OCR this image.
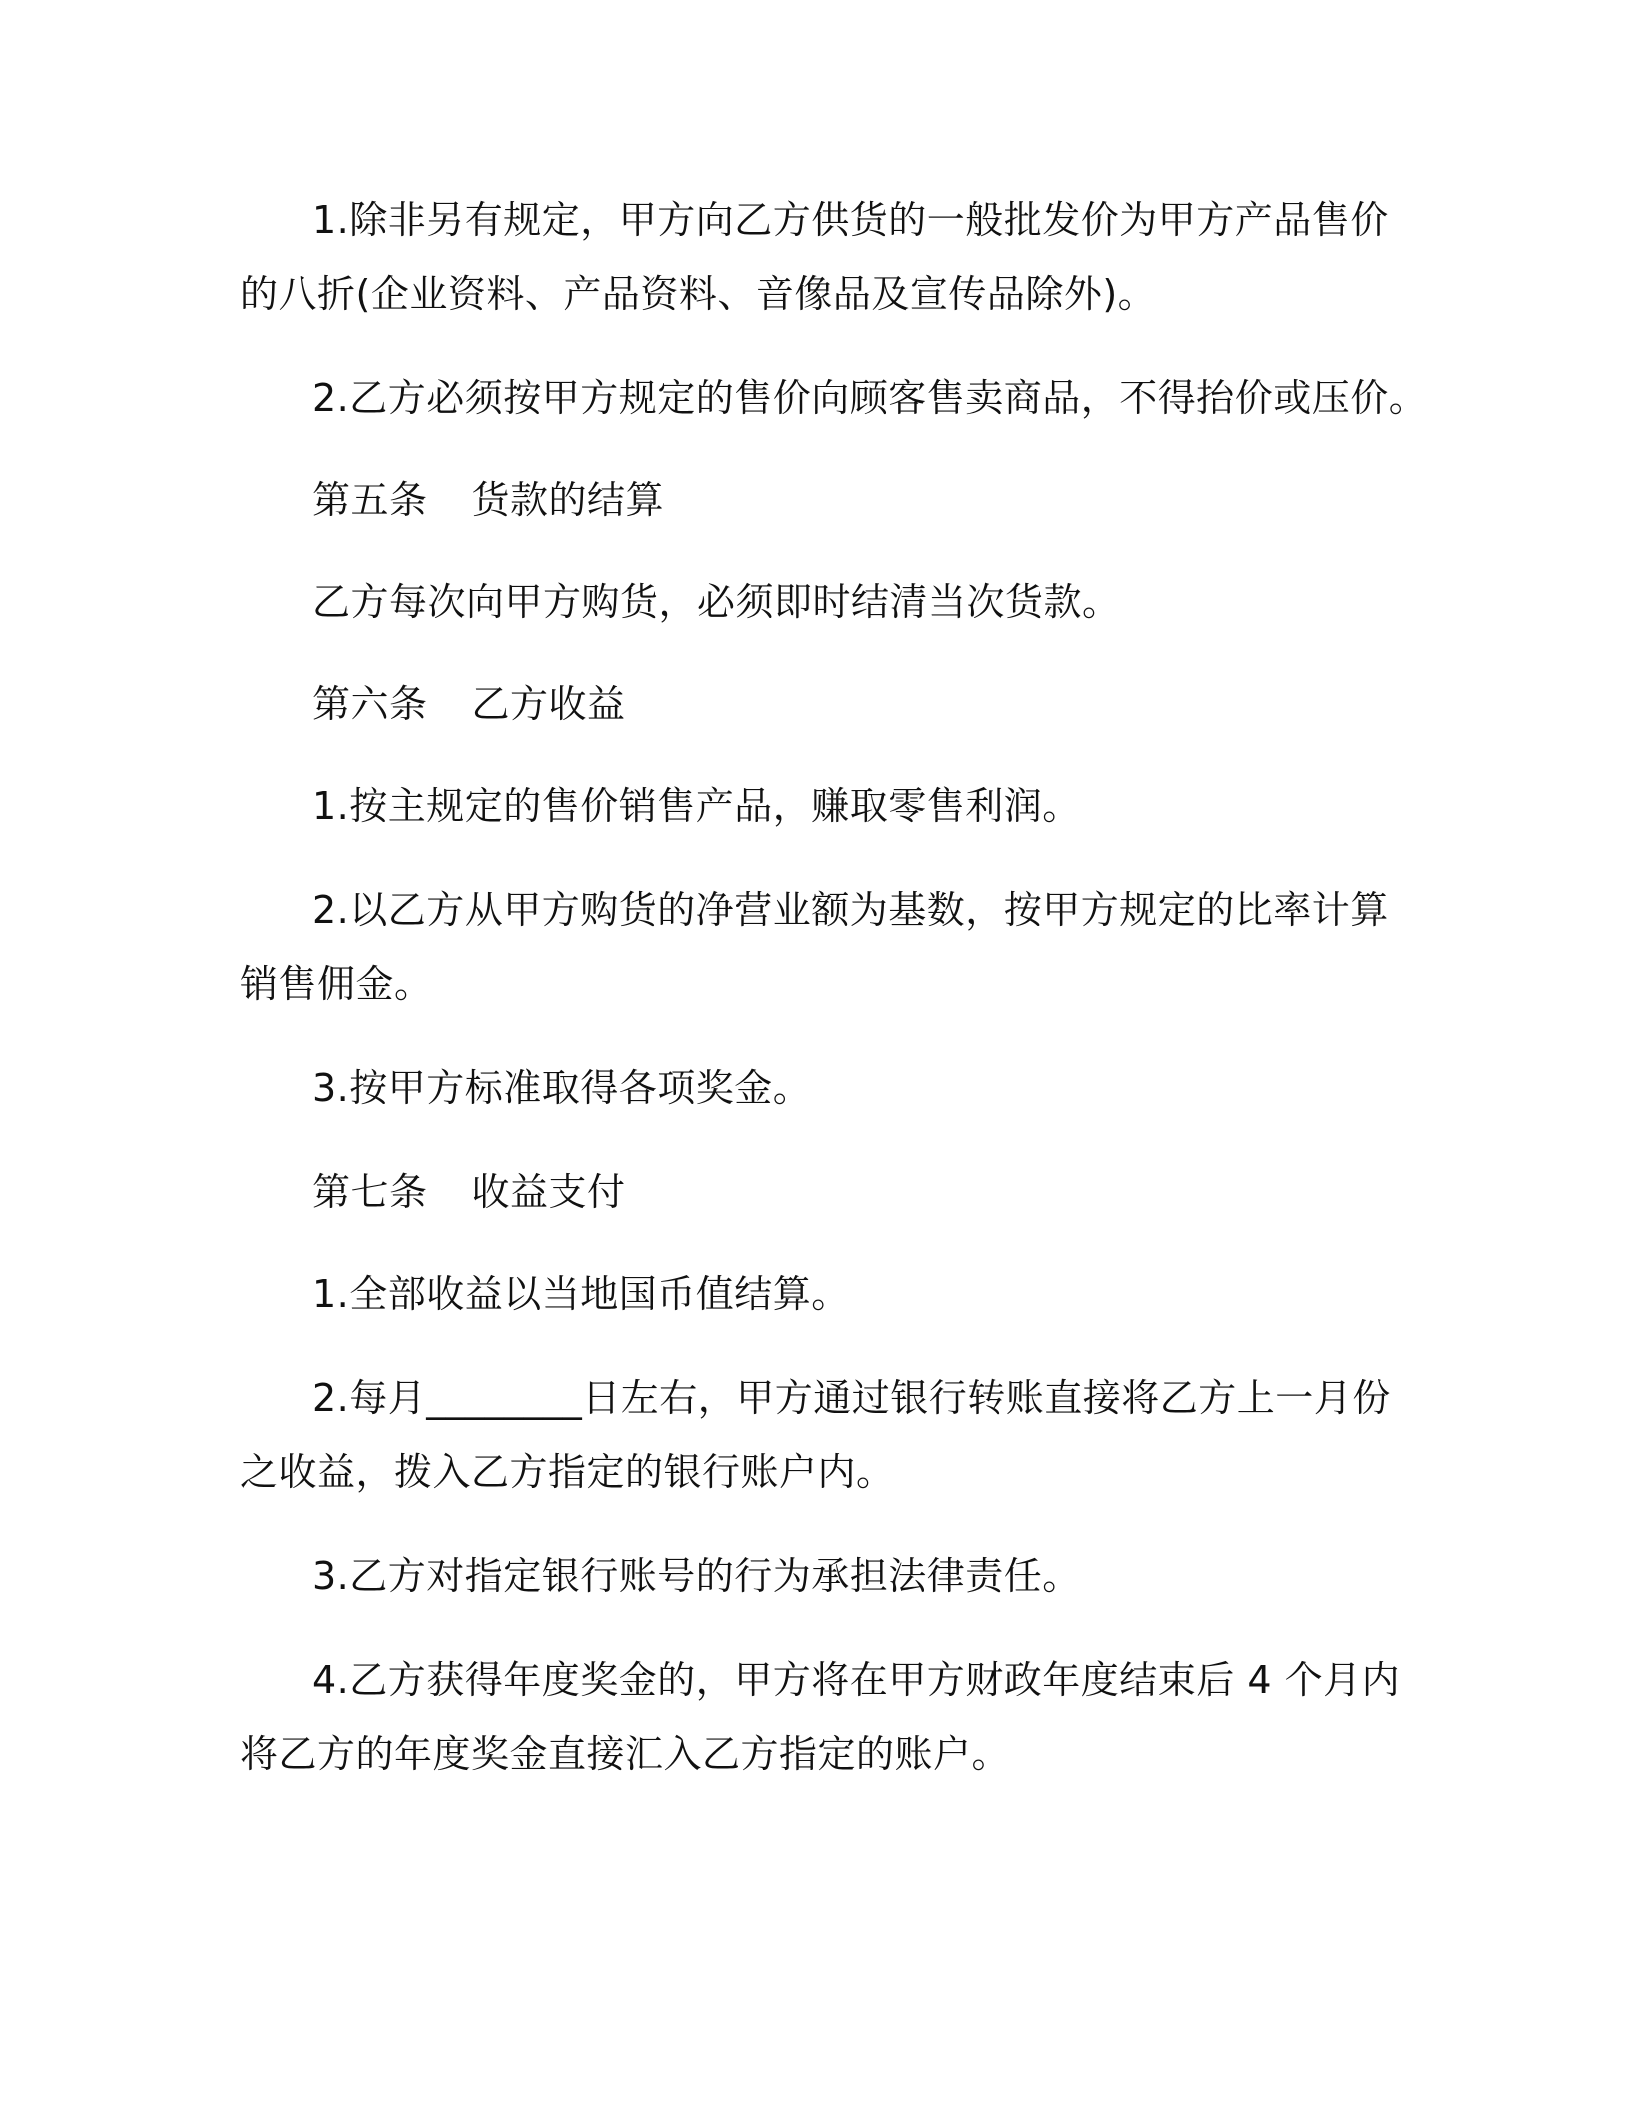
1.除非另有规定，甲方向乙方供货的一般批发价为甲方产品售价
的八折(企业资料、产品资料、音像品及宣传品除外)。
2.乙方必须按甲方规定的售价向顾客售卖商品，不得抬价或压价。
第五条 货款的结算
乙方每次向甲方购货，必须即时结清当次货款。
第六条 乙方收益
1.按主规定的售价销售产品，赚取零售利润。
2.以乙方从甲方购货的净营业额为基数，按甲方规定的比率计算
销售佣金。
3.按甲方标准取得各项奖金。
第七条 收益支付
1.全部收益以当地国币值结算。
2.每月________日左右，甲方通过银行转账直接将乙方上一月份
之收益，拨入乙方指定的银行账户内。
3.乙方对指定银行账号的行为承担法律责任。
4.乙方获得年度奖金的，甲方将在甲方财政年度结束后 4 个月内
将乙方的年度奖金直接汇入乙方指定的账户。
